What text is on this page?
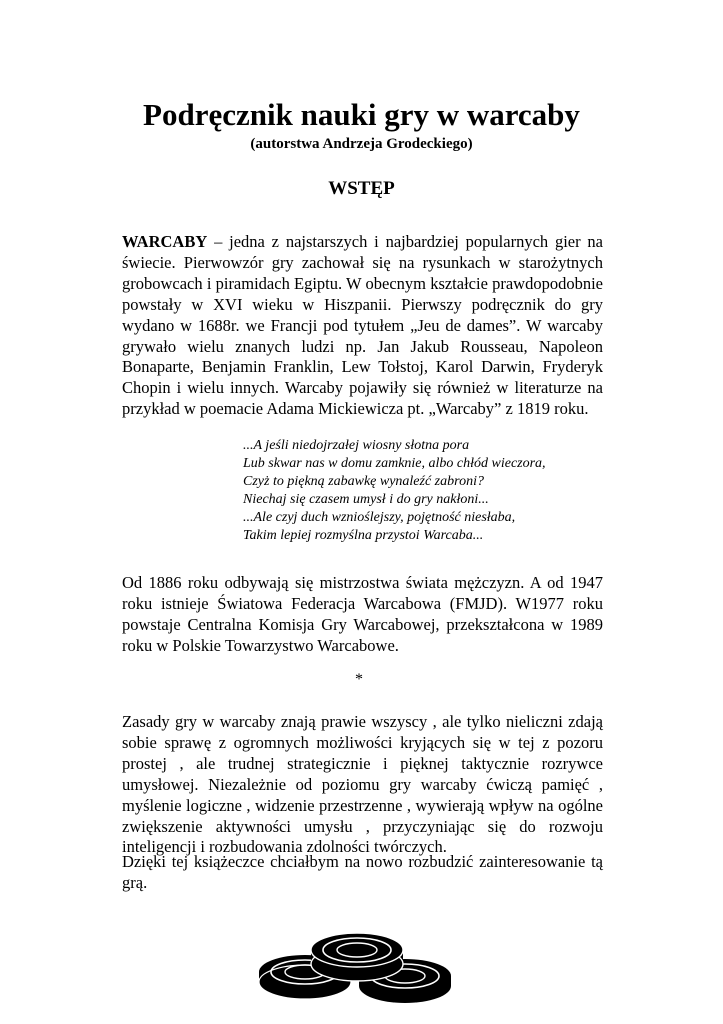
Podręcznik nauki gry w warcaby
(autorstwa Andrzeja Grodeckiego)
WSTĘP

WARCABY – jedna z najstarszych i najbardziej popularnych gier na świecie. Pierwowzór gry zachował się na rysunkach w starożytnych grobowcach i piramidach Egiptu. W obecnym kształcie prawdopodobnie powstały w XVI wieku w Hiszpanii. Pierwszy podręcznik do gry wydano w 1688r. we Francji pod tytułem „Jeu de dames”. W warcaby grywało wielu znanych ludzi np. Jan Jakub Rousseau, Napoleon Bonaparte, Benjamin Franklin, Lew Tołstoj, Karol Darwin, Fryderyk Chopin i wielu innych. Warcaby pojawiły się również w literaturze na przykład w poemacie Adama Mickiewicza pt. „Warcaby” z 1819 roku.

...A jeśli niedojrzałej wiosny słotna pora
Lub skwar nas w domu zamknie, albo chłód wieczora,
Czyż to piękną zabawkę wynaleźć zabroni?
Niechaj się czasem umysł i do gry nakłoni...
...Ale czyj duch wznioślejszy, pojętność niesłaba,
Takim lepiej rozmyślna przystoi Warcaba...

Od 1886 roku odbywają się mistrzostwa świata mężczyzn. A od 1947 roku istnieje Światowa Federacja Warcabowa (FMJD). W1977 roku powstaje Centralna Komisja Gry Warcabowej, przekształcona w 1989 roku w Polskie Towarzystwo Warcabowe.

*

Zasady gry w warcaby znają prawie wszyscy , ale tylko nieliczni zdają sobie sprawę z ogromnych możliwości kryjących się w tej z pozoru prostej , ale trudnej strategicznie i pięknej taktycznie rozrywce umysłowej. Niezależnie od poziomu gry warcaby ćwiczą pamięć , myślenie logiczne , widzenie przestrzenne , wywierają wpływ na ogólne zwiększenie aktywności umysłu , przyczyniając się do rozwoju inteligencji i rozbudowania zdolności twórczych.

Dzięki tej książeczce chciałbym na nowo rozbudzić zainteresowanie tą grą.
